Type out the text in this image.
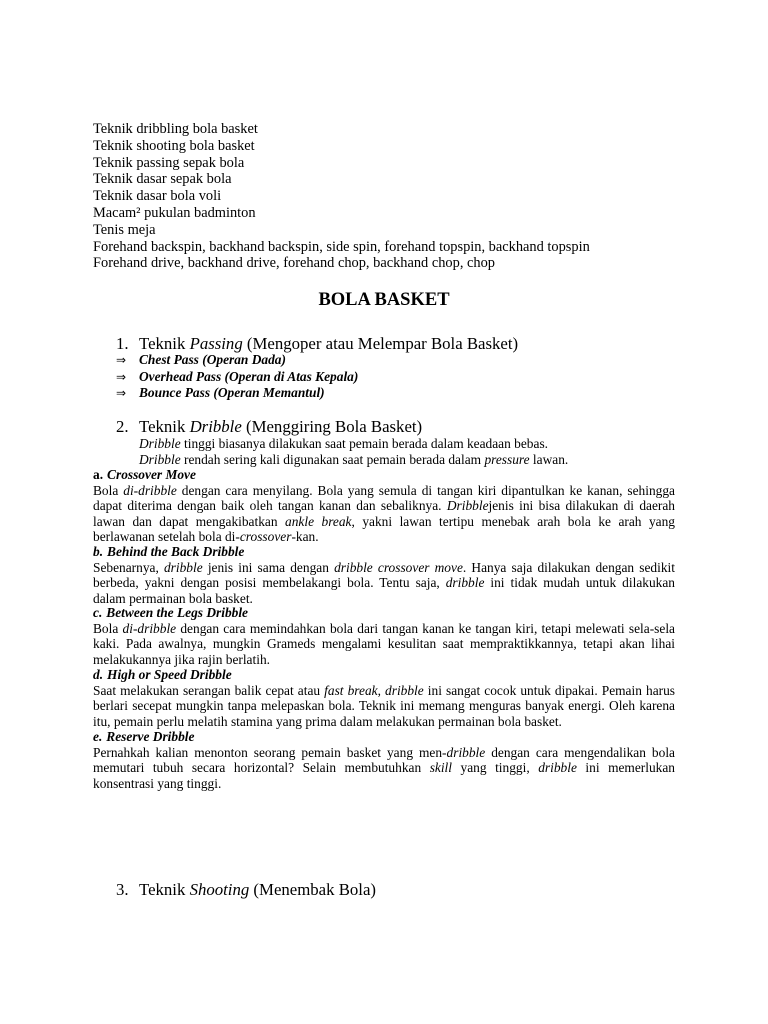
Teknik dribbling bola basket
Teknik shooting bola basket
Teknik passing sepak bola
Teknik dasar sepak bola
Teknik dasar bola voli
Macam² pukulan badminton
Tenis meja
Forehand backspin, backhand backspin, side spin, forehand topspin, backhand topspin
Forehand drive, backhand drive, forehand chop, backhand chop, chop
BOLA BASKET
1. Teknik Passing (Mengoper atau Melempar Bola Basket)
⇒ Chest Pass (Operan Dada)
⇒ Overhead Pass (Operan di Atas Kepala)
⇒ Bounce Pass (Operan Memantul)
2. Teknik Dribble (Menggiring Bola Basket)
Dribble tinggi biasanya dilakukan saat pemain berada dalam keadaan bebas.
Dribble rendah sering kali digunakan saat pemain berada dalam pressure lawan.
a. Crossover Move
Bola di-dribble dengan cara menyilang. Bola yang semula di tangan kiri dipantulkan ke kanan, sehingga dapat diterima dengan baik oleh tangan kanan dan sebaliknya. Dribblejenis ini bisa dilakukan di daerah lawan dan dapat mengakibatkan ankle break, yakni lawan tertipu menebak arah bola ke arah yang berlawanan setelah bola di-crossover-kan.
b. Behind the Back Dribble
Sebenarnya, dribble jenis ini sama dengan dribble crossover move. Hanya saja dilakukan dengan sedikit berbeda, yakni dengan posisi membelakangi bola. Tentu saja, dribble ini tidak mudah untuk dilakukan dalam permainan bola basket.
c. Between the Legs Dribble
Bola di-dribble dengan cara memindahkan bola dari tangan kanan ke tangan kiri, tetapi melewati sela-sela kaki. Pada awalnya, mungkin Grameds mengalami kesulitan saat mempraktikkannya, tetapi akan lihai melakukannya jika rajin berlatih.
d. High or Speed Dribble
Saat melakukan serangan balik cepat atau fast break, dribble ini sangat cocok untuk dipakai. Pemain harus berlari secepat mungkin tanpa melepaskan bola. Teknik ini memang menguras banyak energi. Oleh karena itu, pemain perlu melatih stamina yang prima dalam melakukan permainan bola basket.
e. Reserve Dribble
Pernahkah kalian menonton seorang pemain basket yang men-dribble dengan cara mengendalikan bola memutari tubuh secara horizontal? Selain membutuhkan skill yang tinggi, dribble ini memerlukan konsentrasi yang tinggi.
3. Teknik Shooting (Menembak Bola)
